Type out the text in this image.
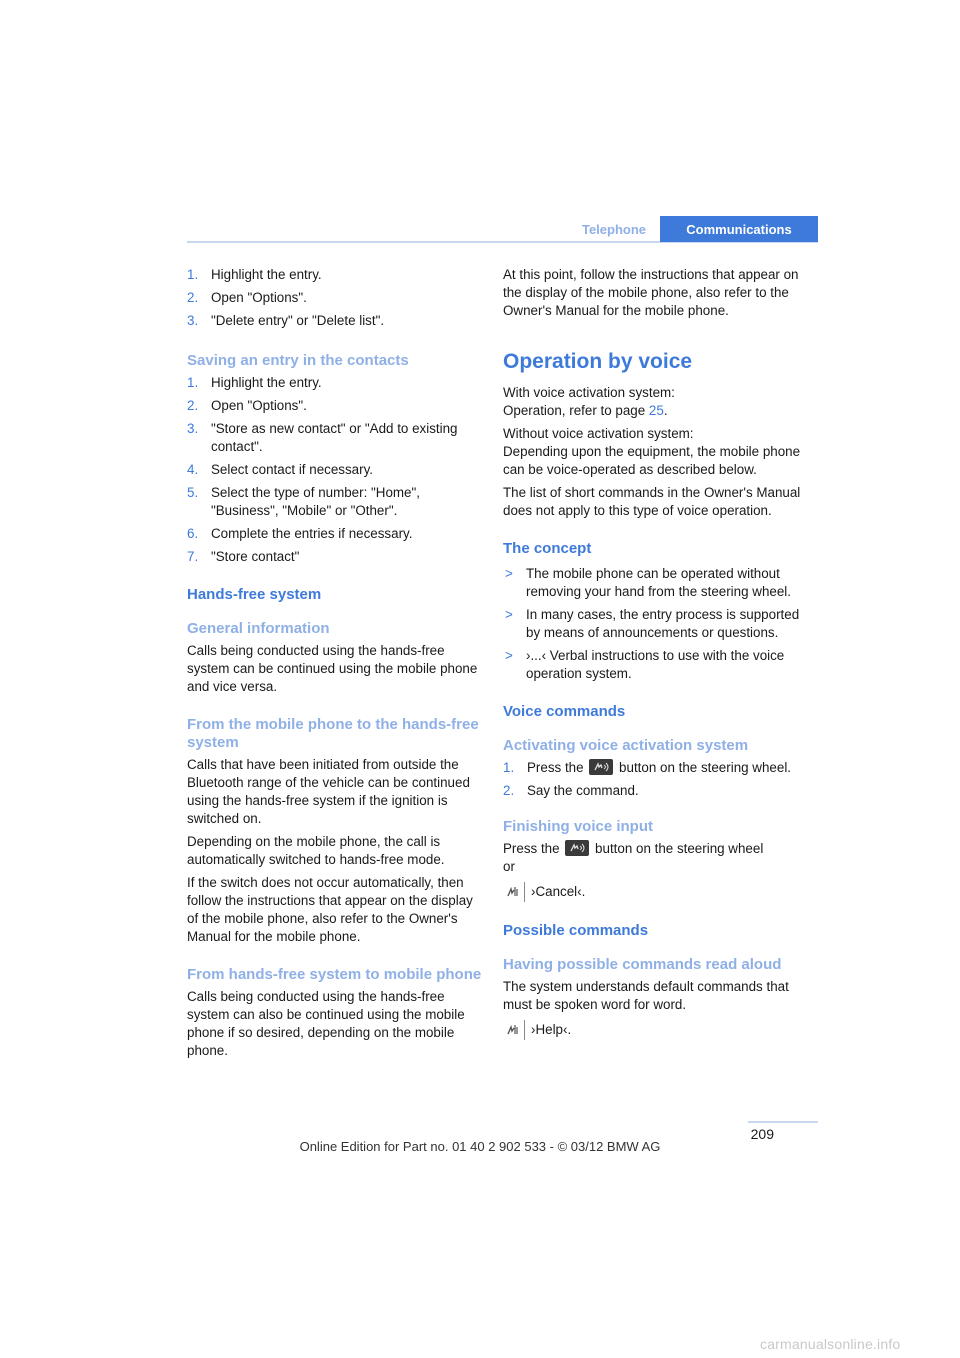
Telephone	Communications
1. Highlight the entry.
2. Open "Options".
3. "Delete entry" or "Delete list".
Saving an entry in the contacts
1. Highlight the entry.
2. Open "Options".
3. "Store as new contact" or "Add to existing contact".
4. Select contact if necessary.
5. Select the type of number: "Home", "Business", "Mobile" or "Other".
6. Complete the entries if necessary.
7. "Store contact"
Hands-free system
General information

Calls being conducted using the hands-free system can be continued using the mobile phone and vice versa.

From the mobile phone to the hands-free system

Calls that have been initiated from outside the Bluetooth range of the vehicle can be continued using the hands-free system if the ignition is switched on.

Depending on the mobile phone, the call is automatically switched to hands-free mode.

If the switch does not occur automatically, then follow the instructions that appear on the display of the mobile phone, also refer to the Owner's Manual for the mobile phone.

From hands-free system to mobile phone

Calls being conducted using the hands-free system can also be continued using the mobile phone if so desired, depending on the mobile phone.

At this point, follow the instructions that appear on the display of the mobile phone, also refer to the Owner's Manual for the mobile phone.

Operation by voice

With voice activation system:
Operation, refer to page 25.

Without voice activation system:
Depending upon the equipment, the mobile phone can be voice-operated as described below.

The list of short commands in the Owner's Manual does not apply to this type of voice operation.

The concept
> The mobile phone can be operated without removing your hand from the steering wheel.
> In many cases, the entry process is supported by means of announcements or questions.
> ›...‹ Verbal instructions to use with the voice operation system.
Voice commands
Activating voice activation system
1. Press the	button on the steering wheel.
2. Say the command.
Finishing voice input

Press the	button on the steering wheel
or

›Cancel‹.
Possible commands
Having possible commands read aloud

The system understands default commands that must be spoken word for word.

›Help‹.
209
Online Edition for Part no. 01 40 2 902 533 - © 03/12 BMW AG
carmanualsonline.info
